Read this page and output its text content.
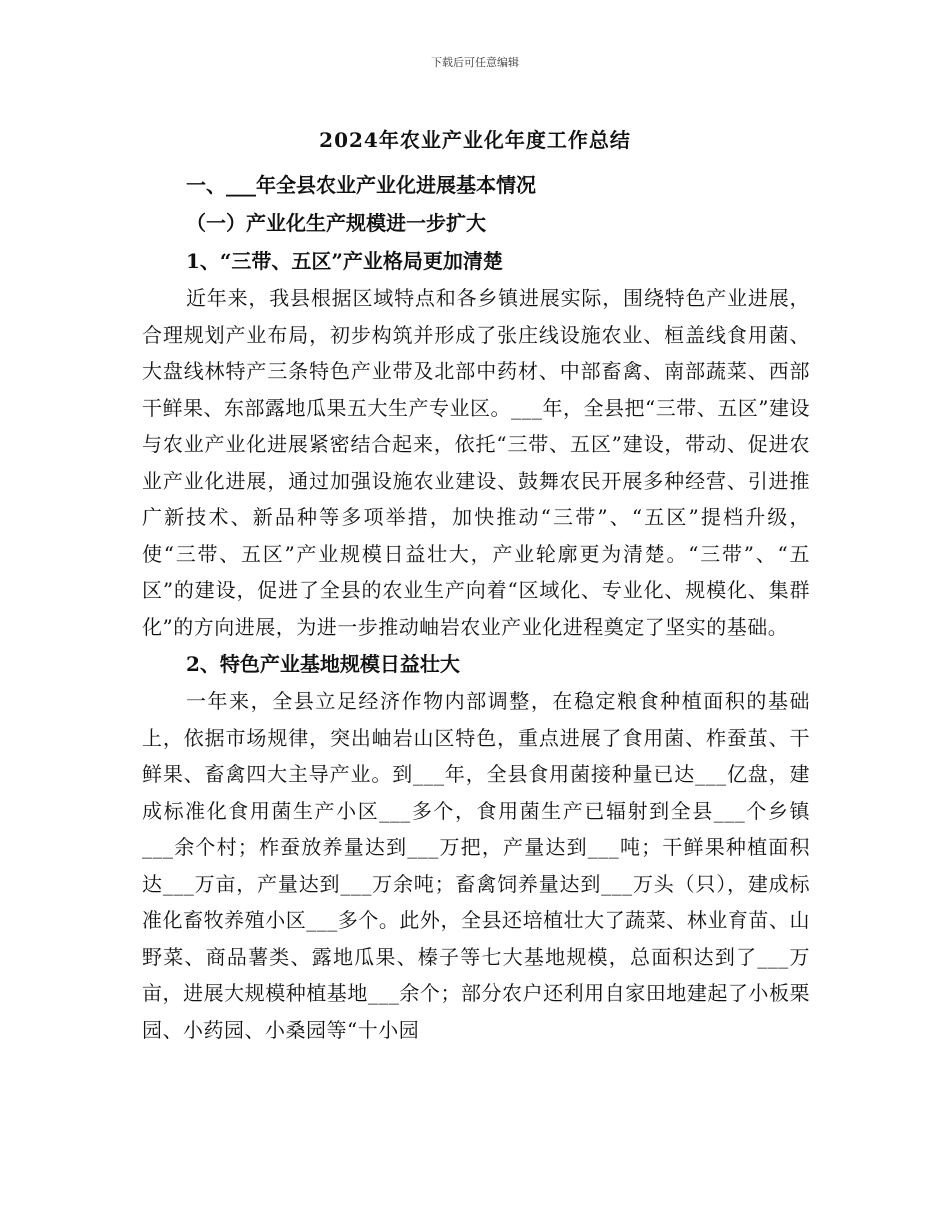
下载后可任意编辑
2024年农业产业化年度工作总结

一、___年全县农业产业化进展基本情况

（一）产业化生产规模进一步扩大

1、“三带、五区”产业格局更加清楚

近年来，我县根据区域特点和各乡镇进展实际，围绕特色产业进展，合理规划产业布局，初步构筑并形成了张庄线设施农业、桓盖线食用菌、大盘线林特产三条特色产业带及北部中药材、中部畜禽、南部蔬菜、西部干鲜果、东部露地瓜果五大生产专业区。___年，全县把“三带、五区”建设与农业产业化进展紧密结合起来，依托“三带、五区”建设，带动、促进农业产业化进展，通过加强设施农业建设、鼓舞农民开展多种经营、引进推广新技术、新品种等多项举措，加快推动“三带”、“五区”提档升级，使“三带、五区”产业规模日益壮大，产业轮廓更为清楚。“三带”、“五区”的建设，促进了全县的农业生产向着“区域化、专业化、规模化、集群化”的方向进展，为进一步推动岫岩农业产业化进程奠定了坚实的基础。

2、特色产业基地规模日益壮大

一年来，全县立足经济作物内部调整，在稳定粮食种植面积的基础上，依据市场规律，突出岫岩山区特色，重点进展了食用菌、柞蚕茧、干鲜果、畜禽四大主导产业。到___年，全县食用菌接种量已达___亿盘，建成标准化食用菌生产小区___多个，食用菌生产已辐射到全县___个乡镇___余个村；柞蚕放养量达到___万把，产量达到___吨；干鲜果种植面积达___万亩，产量达到___万余吨；畜禽饲养量达到___万头（只），建成标准化畜牧养殖小区___多个。此外，全县还培植壮大了蔬菜、林业育苗、山野菜、商品薯类、露地瓜果、榛子等七大基地规模，总面积达到了___万亩，进展大规模种植基地___余个；部分农户还利用自家田地建起了小板栗园、小药园、小桑园等“十小园
